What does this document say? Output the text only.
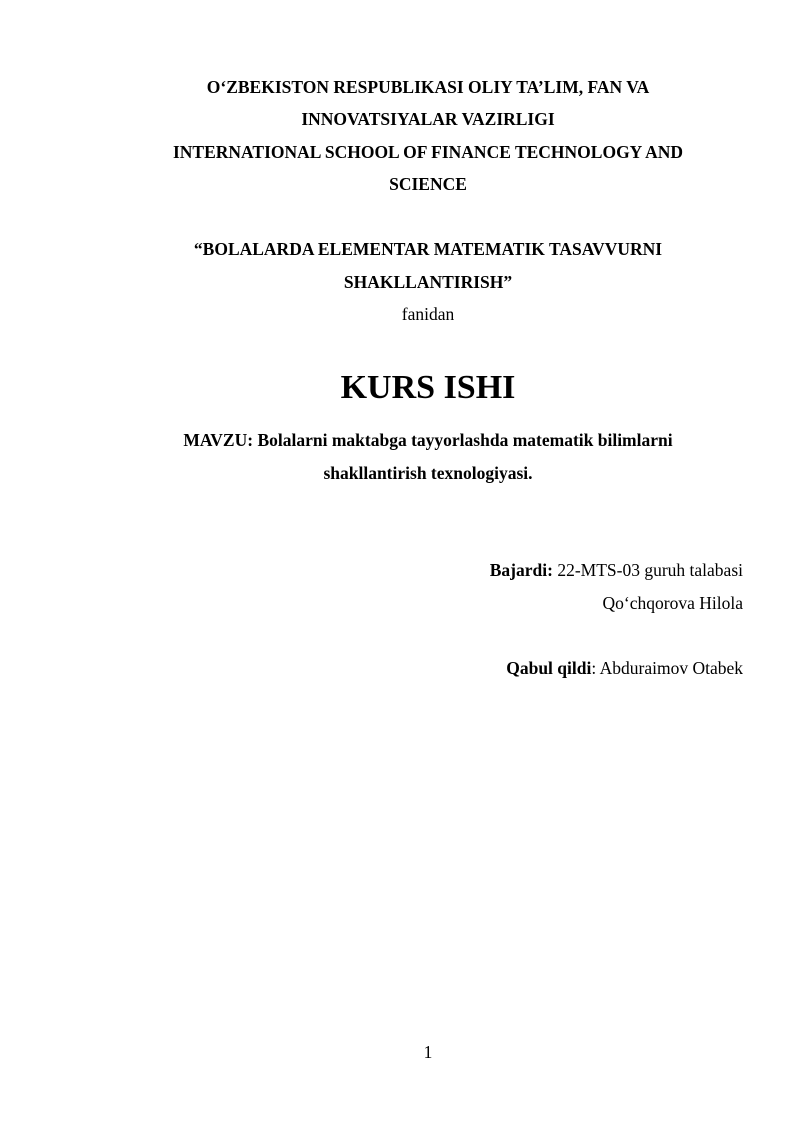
O‘ZBEKISTON RESPUBLIKASI OLIY TA’LIM, FAN VA
INNOVATSIYALAR VAZIRLIGI
INTERNATIONAL SCHOOL OF FINANCE TECHNOLOGY AND
SCIENCE
“BOLALARDA ELEMENTAR MATEMATIK TASAVVURNI
SHAKLLANTIRISH”
fanidan
KURS ISHI
MAVZU: Bolalarni maktabga tayyorlashda matematik bilimlarni
shakllantirish texnologiyasi.
Bajardi: 22-MTS-03 guruh talabasi
Qo‘chqorova Hilola
Qabul qildi: Abduraimov Otabek
1
